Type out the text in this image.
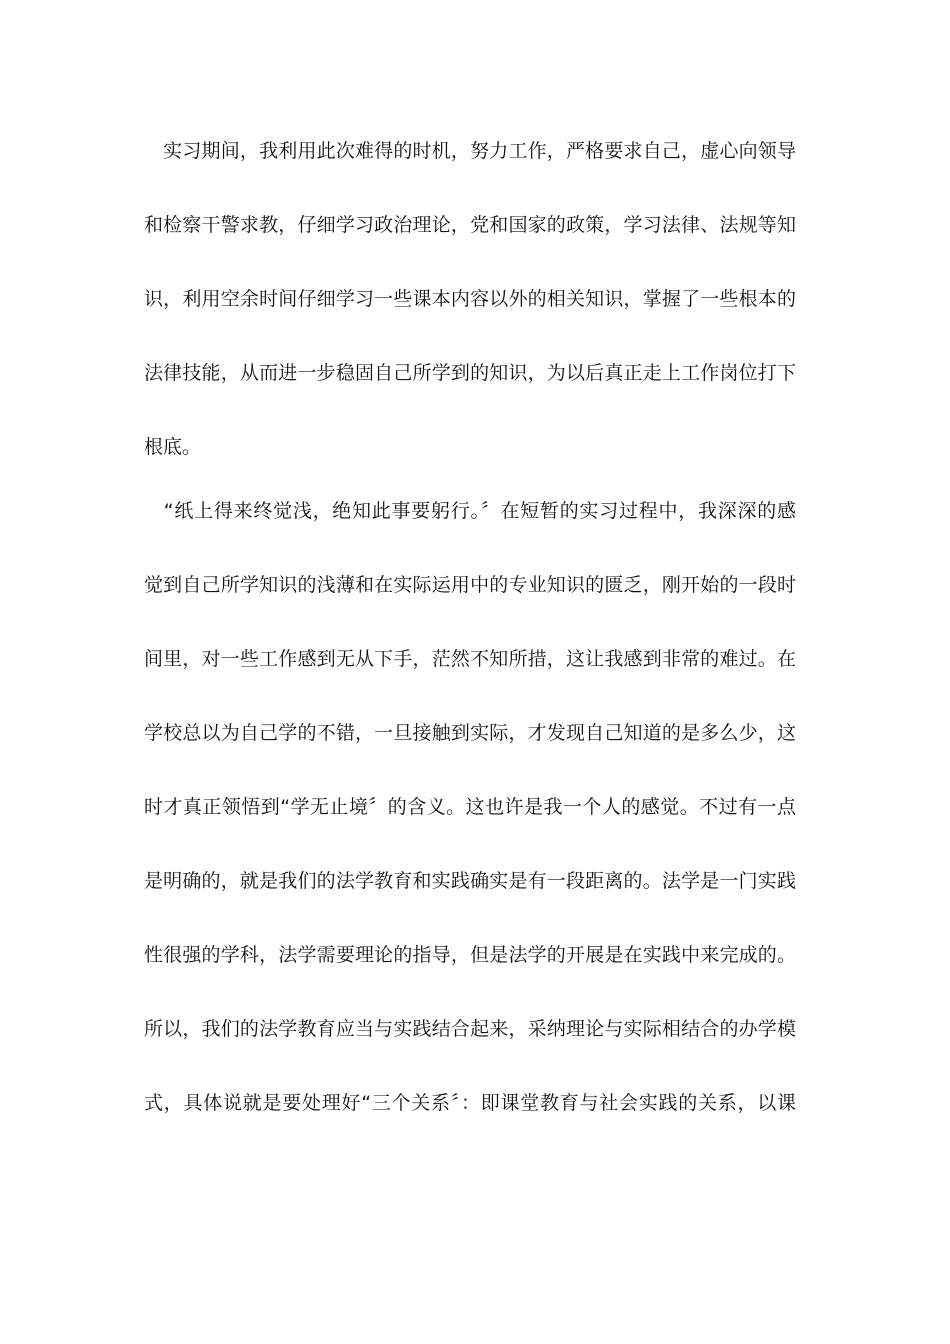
　实习期间，我利用此次难得的时机，努力工作，严格要求自己，虚心向领导
和检察干警求教，仔细学习政治理论，党和国家的政策，学习法律、法规等知
识，利用空余时间仔细学习一些课本内容以外的相关知识，掌握了一些根本的
法律技能，从而进一步稳固自己所学到的知识，为以后真正走上工作岗位打下
根底。
　“纸上得来终觉浅，绝知此事要躬行。〞在短暂的实习过程中，我深深的感
觉到自己所学知识的浅薄和在实际运用中的专业知识的匮乏，刚开始的一段时
间里，对一些工作感到无从下手，茫然不知所措，这让我感到非常的难过。在
学校总以为自己学的不错，一旦接触到实际，才发现自己知道的是多么少，这
时才真正领悟到“学无止境〞的含义。这也许是我一个人的感觉。不过有一点
是明确的，就是我们的法学教育和实践确实是有一段距离的。法学是一门实践
性很强的学科，法学需要理论的指导，但是法学的开展是在实践中来完成的。
所以，我们的法学教育应当与实践结合起来，采纳理论与实际相结合的办学模
式，具体说就是要处理好“三个关系〞：即课堂教育与社会实践的关系，以课
